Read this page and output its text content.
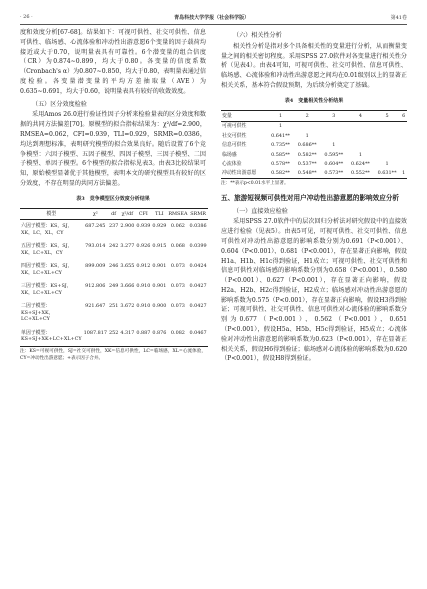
· 26 ·	青岛科技大学学报（社会科学版）	第41卷

度和效度分析[67-68]。结果如下：可视可供性、社交可供性、信息可供性、临场感、心流体验和冲动性出游意愿6个变量的因子载荷均接近或大于0.70，说明量表具有可靠性。6个潜变量的组合信度（CR）为0.874~0.899，均大于0.80。各变量的信度系数（Cronbach's α）为0.807~0.850，均大于0.80，表明量表通过信度检验。各变量潜变量的平均方差抽取量（AVE）为0.635~0.691，均大于0.60，说明量表具有较好的收敛效度。

（五）区分效度检验

采用Amos 26.0进行验证性因子分析来检验量表的区分效度和数据的共同方法偏差[70]。原模型的拟合指标结果为：χ²/df=2.900，RMSEA=0.062，CFI=0.939，TLI=0.929，SRMR=0.0386，均达到理想标准，表明研究模型的拟合效果良好。随后设置了6个竞争模型：六因子模型、五因子模型、四因子模型、三因子模型、二因子模型、单因子模型。6个模型的拟合指标见表3。由表3比较结果可知，原始模型显著优于其他模型，表明本文的研究模型具有较好的区分效度，不存在明显的共同方法偏差。

表3　竞争模型区分效度分析结果
模型	χ²	df	χ²/df	CFI	TLI	RMSEA	SRMR
六因子模型：KS，SJ，XK，LC，XL，CY	687.245	237	2.900	0.939	0.929	0.062	0.0386
五因子模型：KS，SJ，XK，LC+XL，CY	793.014	242	3.277	0.926	0.915	0.068	0.0399
四因子模型：KS，SJ，XK，LC+XL+CY	899.009	246	3.655	0.912	0.901	0.073	0.0424
三因子模型：KS+SJ，XK，LC+XL+CY	912.806	249	3.666	0.910	0.901	0.073	0.0427
二因子模型：KS+SJ+XK，LC+XL+CY	921.647	251	3.672	0.910	0.900	0.073	0.0427
单因子模型：KS+SJ+XK+LC+XL+CY	1087.817	252	4.317	0.887	0.876	0.082	0.0467
注：KS=可视可供性，SJ=社交可供性，XK=信息可供性，LC=临场感，XL=心流体验，CY=冲动性出游意愿；+表示因子合并。
（六）相关性分析

相关性分析是指对多个具备相关性的变量进行分析，从而衡量变量之间的相关密切程度。采用SPSS 27.0软件对各变量进行相关性分析（见表4）。由表4可知，可视可供性、社交可供性、信息可供性、临场感、心流体验和冲动性出游意愿之间均在0.01级别以上的显著正相关关系，基本符合假设预期，为后续分析奠定了基础。

表4　变量相关性分析结果
变量	1	2	3	4	5	6
可视可供性	1					
社交可供性	0.641**	1				
信息可供性	0.735**	0.686**	1			
临场感	0.585**	0.582**	0.595**	1		
心流体验	0.578**	0.537**	0.604**	0.624**	1	
冲动性出游意愿	0.582**	0.548**	0.573**	0.552**	0.631**	1
注：**表示p<0.01水平上显著。
五、旅游短视频可供性对用户冲动性出游意愿的影响效应分析
（一）直接效应检验

采用SPSS 27.0软件中的层次回归分析法对研究假设中的直接效应进行检验（见表5）。由表5可见，可视可供性、社交可供性、信息可供性对冲动性出游意愿的影响系数分别为0.691（P<0.001）、0.604（P<0.001）、0.681（P<0.001），存在显著正向影响，假设H1a、H1b、H1c得到验证，H1成立；可视可供性、社交可供性和信息可供性对临场感的影响系数分别为0.658（P<0.001）、0.580（P<0.001）、0.627（P<0.001），存在显著正向影响，假设H2a、H2b、H2c得到验证，H2成立；临场感对冲动性出游意愿的影响系数为0.575（P<0.001），存在显著正向影响，假设H3得到验证；可视可供性、社交可供性、信息可供性对心流体验的影响系数分别为0.677（P<0.001）、0.562（P<0.001）、0.651（P<0.001），假设H5a、H5b、H5c得到验证，H5成立；心流体验对冲动性出游意愿的影响系数为0.623（P<0.001），存在显著正相关关系，假设H6得到验证；临场感对心流体验的影响系数为0.620（P<0.001），假设H8得到验证。
